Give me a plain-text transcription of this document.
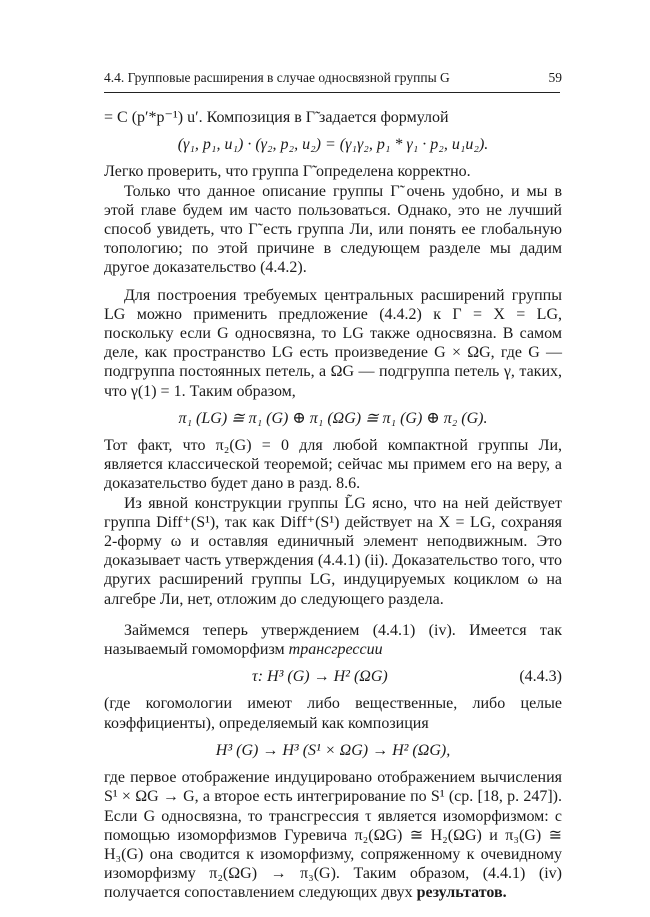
4.4. Групповые расширения в случае односвязной группы G	59

= C (p′*p⁻¹) u′. Композиция в Γ̃ задается формулой

(γ₁, p₁, u₁) · (γ₂, p₂, u₂) = (γ₁γ₂, p₁ * γ₁ · p₂, u₁u₂).

Легко проверить, что группа Γ̃ определена корректно.

Только что данное описание группы Γ̃ очень удобно, и мы в этой главе будем им часто пользоваться. Однако, это не лучший способ увидеть, что Γ̃ есть группа Ли, или понять ее глобальную топологию; по этой причине в следующем разделе мы дадим другое доказательство (4.4.2).

Для построения требуемых центральных расширений группы LG можно применить предложение (4.4.2) к Γ = X = LG, поскольку если G односвязна, то LG также односвязна. В самом деле, как пространство LG есть произведение G × ΩG, где G — подгруппа постоянных петель, а ΩG — подгруппа петель γ, таких, что γ(1) = 1. Таким образом,

π₁ (LG) ≅ π₁ (G) ⊕ π₁ (ΩG) ≅ π₁ (G) ⊕ π₂ (G).

Тот факт, что π₂(G) = 0 для любой компактной группы Ли, является классической теоремой; сейчас мы примем его на веру, а доказательство будет дано в разд. 8.6.

Из явной конструкции группы L̃G ясно, что на ней действует группа Diff⁺(S¹), так как Diff⁺(S¹) действует на X = LG, сохраняя 2-форму ω и оставляя единичный элемент неподвижным. Это доказывает часть утверждения (4.4.1) (ii). Доказательство того, что других расширений группы LG, индуцируемых коциклом ω на алгебре Ли, нет, отложим до следующего раздела.

Займемся теперь утверждением (4.4.1) (iv). Имеется так называемый гомоморфизм трансгрессии

τ: H³ (G) → H² (ΩG)	(4.4.3)

(где когомологии имеют либо вещественные, либо целые коэффициенты), определяемый как композиция

H³ (G) → H³ (S¹ × ΩG) → H² (ΩG),

где первое отображение индуцировано отображением вычисления S¹ × ΩG → G, а второе есть интегрирование по S¹ (ср. [18, p. 247]). Если G односвязна, то трансгрессия τ является изоморфизмом: с помощью изоморфизмов Гуревича π₂(ΩG) ≅ H₂(ΩG) и π₃(G) ≅ H₃(G) она сводится к изоморфизму, сопряженному к очевидному изоморфизму π₂(ΩG) → π₃(G). Таким образом, (4.4.1) (iv) получается сопоставлением следующих двух результатов.
